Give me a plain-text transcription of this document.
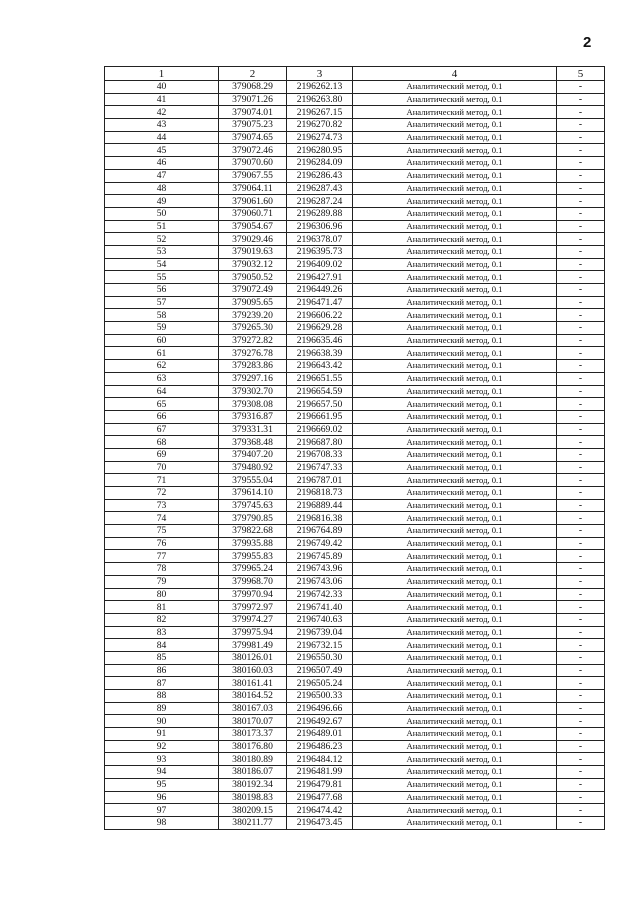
2
1	2	3	4	5
40	379068.29	2196262.13	Аналитический метод, 0.1	-
41	379071.26	2196263.80	Аналитический метод, 0.1	-
42	379074.01	2196267.15	Аналитический метод, 0.1	-
43	379075.23	2196270.82	Аналитический метод, 0.1	-
44	379074.65	2196274.73	Аналитический метод, 0.1	-
45	379072.46	2196280.95	Аналитический метод, 0.1	-
46	379070.60	2196284.09	Аналитический метод, 0.1	-
47	379067.55	2196286.43	Аналитический метод, 0.1	-
48	379064.11	2196287.43	Аналитический метод, 0.1	-
49	379061.60	2196287.24	Аналитический метод, 0.1	-
50	379060.71	2196289.88	Аналитический метод, 0.1	-
51	379054.67	2196306.96	Аналитический метод, 0.1	-
52	379029.46	2196378.07	Аналитический метод, 0.1	-
53	379019.63	2196395.73	Аналитический метод, 0.1	-
54	379032.12	2196409.02	Аналитический метод, 0.1	-
55	379050.52	2196427.91	Аналитический метод, 0.1	-
56	379072.49	2196449.26	Аналитический метод, 0.1	-
57	379095.65	2196471.47	Аналитический метод, 0.1	-
58	379239.20	2196606.22	Аналитический метод, 0.1	-
59	379265.30	2196629.28	Аналитический метод, 0.1	-
60	379272.82	2196635.46	Аналитический метод, 0.1	-
61	379276.78	2196638.39	Аналитический метод, 0.1	-
62	379283.86	2196643.42	Аналитический метод, 0.1	-
63	379297.16	2196651.55	Аналитический метод, 0.1	-
64	379302.70	2196654.59	Аналитический метод, 0.1	-
65	379308.08	2196657.50	Аналитический метод, 0.1	-
66	379316.87	2196661.95	Аналитический метод, 0.1	-
67	379331.31	2196669.02	Аналитический метод, 0.1	-
68	379368.48	2196687.80	Аналитический метод, 0.1	-
69	379407.20	2196708.33	Аналитический метод, 0.1	-
70	379480.92	2196747.33	Аналитический метод, 0.1	-
71	379555.04	2196787.01	Аналитический метод, 0.1	-
72	379614.10	2196818.73	Аналитический метод, 0.1	-
73	379745.63	2196889.44	Аналитический метод, 0.1	-
74	379790.85	2196816.38	Аналитический метод, 0.1	-
75	379822.68	2196764.89	Аналитический метод, 0.1	-
76	379935.88	2196749.42	Аналитический метод, 0.1	-
77	379955.83	2196745.89	Аналитический метод, 0.1	-
78	379965.24	2196743.96	Аналитический метод, 0.1	-
79	379968.70	2196743.06	Аналитический метод, 0.1	-
80	379970.94	2196742.33	Аналитический метод, 0.1	-
81	379972.97	2196741.40	Аналитический метод, 0.1	-
82	379974.27	2196740.63	Аналитический метод, 0.1	-
83	379975.94	2196739.04	Аналитический метод, 0.1	-
84	379981.49	2196732.15	Аналитический метод, 0.1	-
85	380126.01	2196550.30	Аналитический метод, 0.1	-
86	380160.03	2196507.49	Аналитический метод, 0.1	-
87	380161.41	2196505.24	Аналитический метод, 0.1	-
88	380164.52	2196500.33	Аналитический метод, 0.1	-
89	380167.03	2196496.66	Аналитический метод, 0.1	-
90	380170.07	2196492.67	Аналитический метод, 0.1	-
91	380173.37	2196489.01	Аналитический метод, 0.1	-
92	380176.80	2196486.23	Аналитический метод, 0.1	-
93	380180.89	2196484.12	Аналитический метод, 0.1	-
94	380186.07	2196481.99	Аналитический метод, 0.1	-
95	380192.34	2196479.81	Аналитический метод, 0.1	-
96	380198.83	2196477.68	Аналитический метод, 0.1	-
97	380209.15	2196474.42	Аналитический метод, 0.1	-
98	380211.77	2196473.45	Аналитический метод, 0.1	-
